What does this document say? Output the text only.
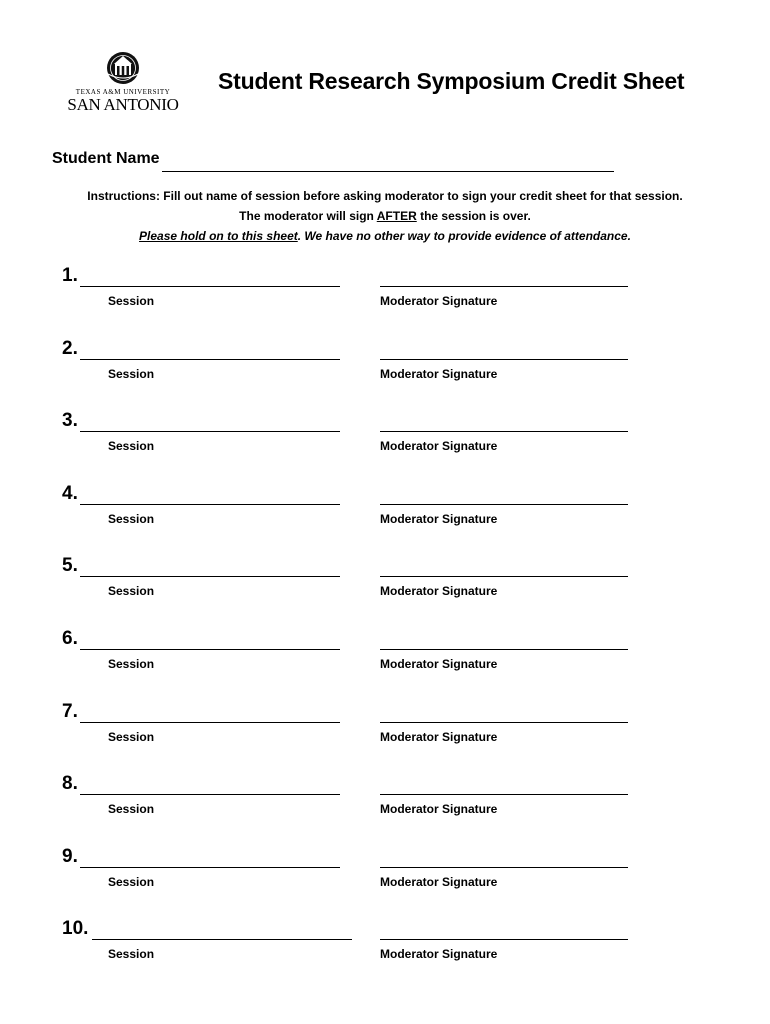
TEXAS A&M UNIVERSITY
SAN ANTONIO
Student Research Symposium Credit Sheet
Student Name

Instructions: Fill out name of session before asking moderator to sign your credit sheet for that session.

The moderator will sign AFTER the session is over.

Please hold on to this sheet. We have no other way to provide evidence of attendance.

1.
Session	Moderator Signature
2.
Session	Moderator Signature
3.
Session	Moderator Signature
4.
Session	Moderator Signature
5.
Session	Moderator Signature
6.
Session	Moderator Signature
7.
Session	Moderator Signature
8.
Session	Moderator Signature
9.
Session	Moderator Signature
10.
Session	Moderator Signature
